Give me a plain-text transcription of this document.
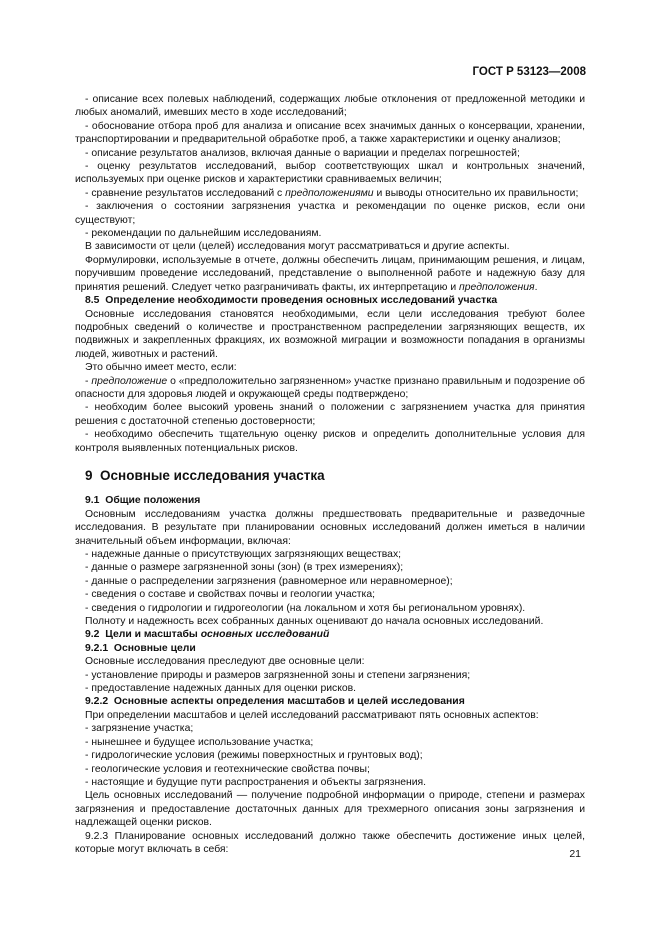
ГОСТ Р 53123—2008

- описание всех полевых наблюдений, содержащих любые отклонения от предложенной методики и любых аномалий, имевших место в ходе исследований;

- обоснование отбора проб для анализа и описание всех значимых данных о консервации, хранении, транспортировании и предварительной обработке проб, а также характеристики и оценку анализов;

- описание результатов анализов, включая данные о вариации и пределах погрешностей;

- оценку результатов исследований, выбор соответствующих шкал и контрольных значений, используемых при оценке рисков и характеристики сравниваемых величин;

- сравнение результатов исследований с предположениями и выводы относительно их правильности;

- заключения о состоянии загрязнения участка и рекомендации по оценке рисков, если они существуют;

- рекомендации по дальнейшим исследованиям.

В зависимости от цели (целей) исследования могут рассматриваться и другие аспекты.

Формулировки, используемые в отчете, должны обеспечить лицам, принимающим решения, и лицам, поручившим проведение исследований, представление о выполненной работе и надежную базу для принятия решений. Следует четко разграничивать факты, их интерпретацию и предположения.

8.5 Определение необходимости проведения основных исследований участка

Основные исследования становятся необходимыми, если цели исследования требуют более подробных сведений о количестве и пространственном распределении загрязняющих веществ, их подвижных и закрепленных фракциях, их возможной миграции и возможности попадания в организмы людей, животных и растений.

Это обычно имеет место, если:

- предположение о «предположительно загрязненном» участке признано правильным и подозрение об опасности для здоровья людей и окружающей среды подтверждено;

- необходим более высокий уровень знаний о положении с загрязнением участка для принятия решения с достаточной степенью достоверности;

- необходимо обеспечить тщательную оценку рисков и определить дополнительные условия для контроля выявленных потенциальных рисков.

9 Основные исследования участка

9.1 Общие положения

Основным исследованиям участка должны предшествовать предварительные и разведочные исследования. В результате при планировании основных исследований должен иметься в наличии значительный объем информации, включая:

- надежные данные о присутствующих загрязняющих веществах;

- данные о размере загрязненной зоны (зон) (в трех измерениях);

- данные о распределении загрязнения (равномерное или неравномерное);

- сведения о составе и свойствах почвы и геологии участка;

- сведения о гидрологии и гидрогеологии (на локальном и хотя бы региональном уровнях).

Полноту и надежность всех собранных данных оценивают до начала основных исследований.

9.2 Цели и масштабы основных исследований

9.2.1 Основные цели

Основные исследования преследуют две основные цели:

- установление природы и размеров загрязненной зоны и степени загрязнения;

- предоставление надежных данных для оценки рисков.

9.2.2 Основные аспекты определения масштабов и целей исследования

При определении масштабов и целей исследований рассматривают пять основных аспектов:

- загрязнение участка;

- нынешнее и будущее использование участка;

- гидрологические условия (режимы поверхностных и грунтовых вод);

- геологические условия и геотехнические свойства почвы;

- настоящие и будущие пути распространения и объекты загрязнения.

Цель основных исследований — получение подробной информации о природе, степени и размерах загрязнения и предоставление достаточных данных для трехмерного описания зоны загрязнения и надлежащей оценки рисков.

9.2.3 Планирование основных исследований должно также обеспечить достижение иных целей, которые могут включать в себя:	21
